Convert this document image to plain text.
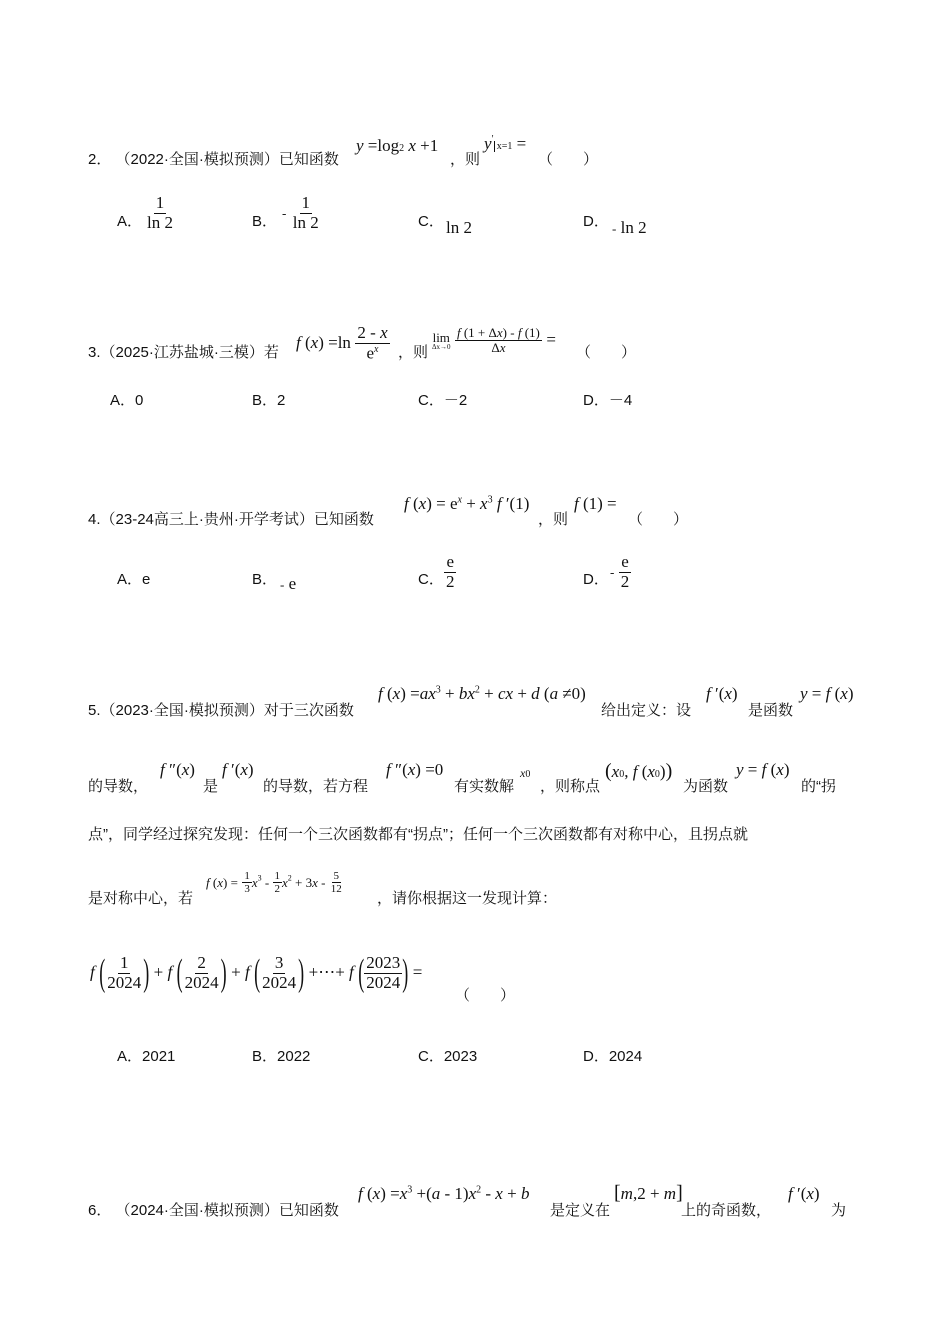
2． （2022·全国·模拟预测）已知函数
y =log2 x +1
，则
y′x=1 =
（　　）
A． $\frac{1}{\ln 2}$	B．
- $\frac{1}{\ln 2}$	C． ln 2	D． - ln 2
3.（2025·江苏盐城·三模）若
f $(x) =\ln \frac{2 - x}{e^x}$ ，则
lim
Δx→0
$\frac{f (1 + \Delta x) - f (1)}{\Delta x}$ =
（　　）
A．0	B．2	C．－2	D．－4
4.（23-24高三上·贵州·开学考试）已知函数
f $(x) = e^x + x^3$ f ′(1)
，则
f (1) =
（　　）
A．e	B． - e	C． $\frac{e}{2}$	D． - $\frac{e}{2}$
5.（2023·全国·模拟预测）对于三次函数
f $(x) =ax^3 + bx^2$ + cx + d (a ≠0)
给出定义：设
f ′(x)
是函数
y = f (x)
的导数，
f ″(x)
是
f ′(x)
的导数，若方程
f ″(x) =0
有实数解
x0
，则称点
(x0, f (x0))
为函数
y = f (x)
的“拐
点”，同学经过探究发现：任何一个三次函数都有“拐点”；任何一个三次函数都有对称中心，且拐点就
是对称中心，若
f $(x) = \frac{1}{3} x^3 - \frac{1}{2} x^2 + 3x - \frac{5}{12}$
，请你根据这一发现计算：
f ( $\frac{1}{2024}$ ) + f ( $\frac{2}{2024}$ ) + f ( $\frac{3}{2024}$ ) +⋯+ f ( $\frac{2023}{2024}$ ) =
（　　）
A．2021	B．2022	C．2023	D．2024
6． （2024·全国·模拟预测）已知函数
f $(x) =x^3 +(a - 1)x^2 - x + b$
是定义在
[m,2 + m]
上的奇函数，
f ′(x)
为
